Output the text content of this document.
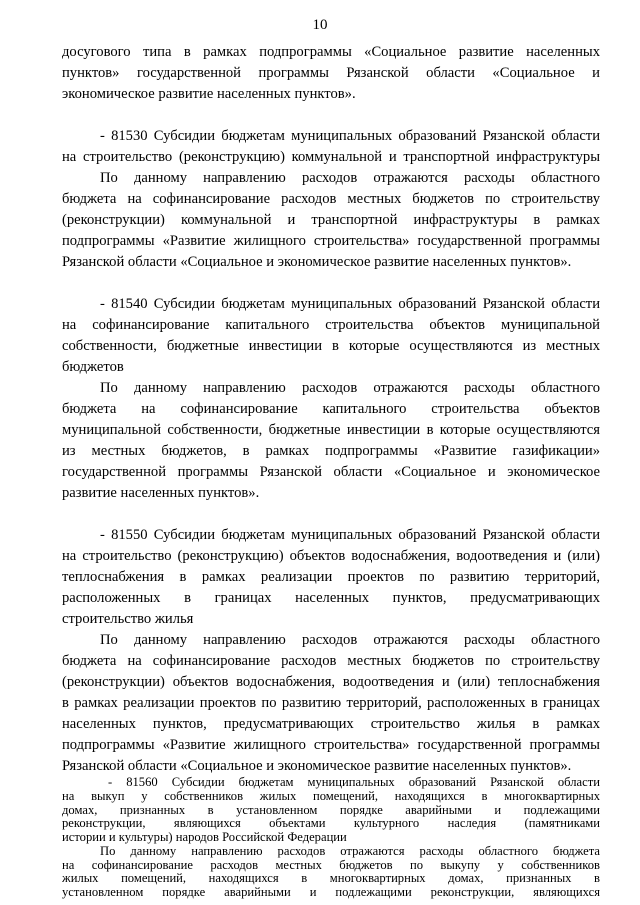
10
досугового типа в рамках подпрограммы «Социальное развитие населенных
пунктов» государственной программы Рязанской области «Социальное и
экономическое развитие населенных пунктов».
- 81530 Субсидии бюджетам муниципальных образований Рязанской области
на строительство (реконструкцию) коммунальной и транспортной инфраструктуры
По данному направлению расходов отражаются расходы областного
бюджета на софинансирование расходов местных бюджетов по строительству
(реконструкции) коммунальной и транспортной инфраструктуры в рамках
подпрограммы «Развитие жилищного строительства» государственной программы
Рязанской области «Социальное и экономическое развитие населенных пунктов».
- 81540 Субсидии бюджетам муниципальных образований Рязанской области
на софинансирование капитального строительства объектов муниципальной
собственности, бюджетные инвестиции в которые осуществляются из местных
бюджетов
По данному направлению расходов отражаются расходы областного
бюджета на софинансирование капитального строительства объектов
муниципальной собственности, бюджетные инвестиции в которые осуществляются
из местных бюджетов, в рамках подпрограммы «Развитие газификации»
государственной программы Рязанской области «Социальное и экономическое
развитие населенных пунктов».
- 81550 Субсидии бюджетам муниципальных образований Рязанской области
на строительство (реконструкцию) объектов водоснабжения, водоотведения и (или)
теплоснабжения в рамках реализации проектов по развитию территорий,
расположенных в границах населенных пунктов, предусматривающих
строительство жилья
По данному направлению расходов отражаются расходы областного
бюджета на софинансирование расходов местных бюджетов по строительству
(реконструкции) объектов водоснабжения, водоотведения и (или) теплоснабжения
в рамках реализации проектов по развитию территорий, расположенных в границах
населенных пунктов, предусматривающих строительство жилья в рамках
подпрограммы «Развитие жилищного строительства» государственной программы
Рязанской области «Социальное и экономическое развитие населенных пунктов».
- 81560 Субсидии бюджетам муниципальных образований Рязанской области
на выкуп у собственников жилых помещений, находящихся в многоквартирных
домах, признанных в установленном порядке аварийными и подлежащими
реконструкции, являющихся объектами культурного наследия (памятниками
истории и культуры) народов Российской Федерации
По данному направлению расходов отражаются расходы областного бюджета
на софинансирование расходов местных бюджетов по выкупу у собственников
жилых помещений, находящихся в многоквартирных домах, признанных в
установленном порядке аварийными и подлежащими реконструкции, являющихся
